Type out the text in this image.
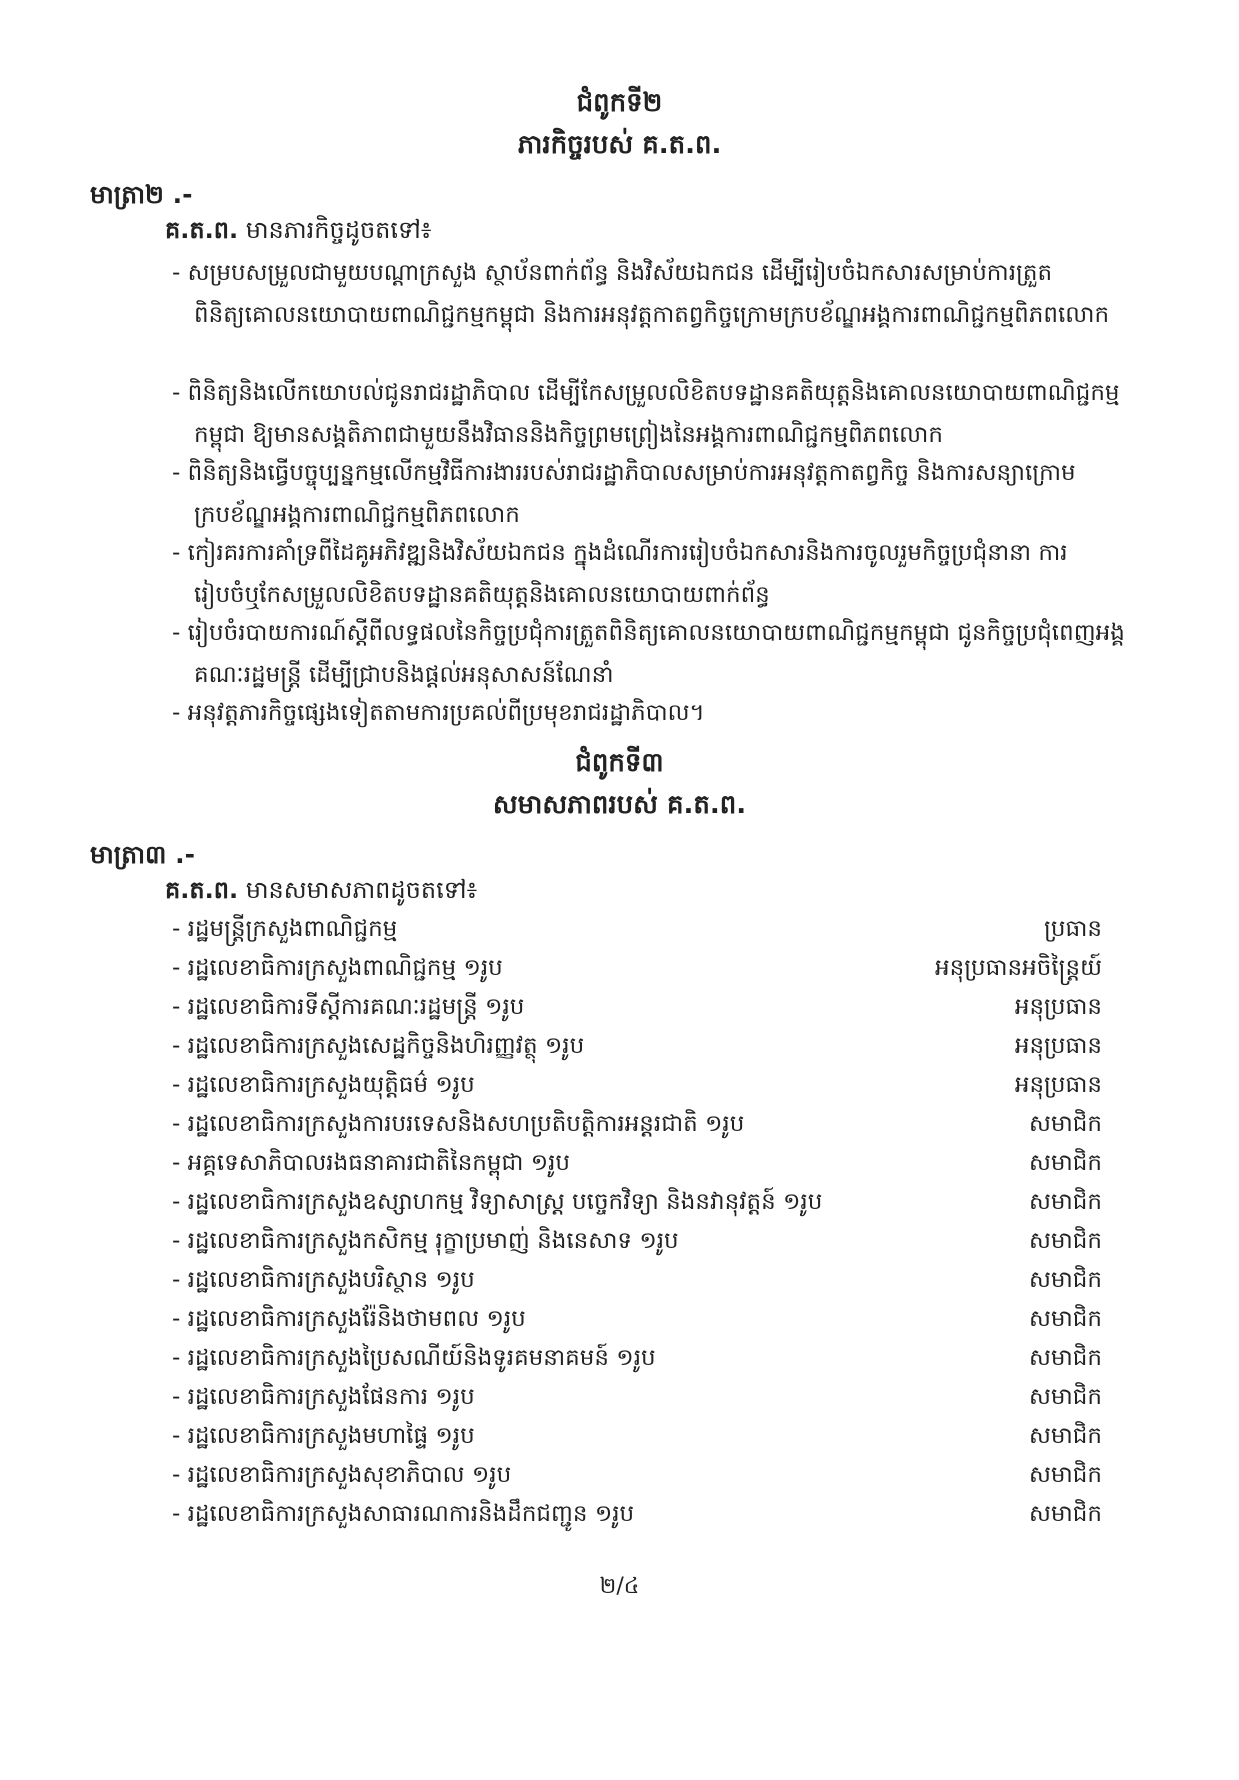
ជំពូកទី២
ភារកិច្ចរបស់ គ.ត.ព.
មាត្រា២ .-
គ.ត.ព. មានភារកិច្ចដូចតទៅ៖
- សម្របសម្រួលជាមួយបណ្តាក្រសួង ស្ថាប័នពាក់ព័ន្ធ និងវិស័យឯកជន ដើម្បីរៀបចំឯកសារសម្រាប់ការត្រួតពិនិត្យគោលនយោបាយពាណិជ្ជកម្មកម្ពុជា និងការអនុវត្តកាតព្វកិច្ចក្រោមក្របខ័ណ្ឌអង្គការពាណិជ្ជកម្មពិភពលោក
- ពិនិត្យនិងលើកយោបល់ជូនរាជរដ្ឋាភិបាល ដើម្បីកែសម្រួលលិខិតបទដ្ឋានគតិយុត្តនិងគោលនយោបាយពាណិជ្ជកម្មកម្ពុជា ឱ្យមានសង្គតិភាពជាមួយនឹងវិធាននិងកិច្ចព្រមព្រៀងនៃអង្គការពាណិជ្ជកម្មពិភពលោក
- ពិនិត្យនិងធ្វើបច្ចុប្បន្នកម្មលើកម្មវិធីការងាររបស់រាជរដ្ឋាភិបាលសម្រាប់ការអនុវត្តកាតព្វកិច្ច និងការសន្យាក្រោមក្របខ័ណ្ឌអង្គការពាណិជ្ជកម្មពិភពលោក
- កៀរគរការគាំទ្រពីដៃគូអភិវឌ្ឍនិងវិស័យឯកជន ក្នុងដំណើរការរៀបចំឯកសារនិងការចូលរួមកិច្ចប្រជុំនានា ការរៀបចំឬកែសម្រួលលិខិតបទដ្ឋានគតិយុត្តនិងគោលនយោបាយពាក់ព័ន្ធ
- រៀបចំរបាយការណ៍ស្តីពីលទ្ធផលនៃកិច្ចប្រជុំការត្រួតពិនិត្យគោលនយោបាយពាណិជ្ជកម្មកម្ពុជា ជូនកិច្ចប្រជុំពេញអង្គគណៈរដ្ឋមន្ត្រី ដើម្បីជ្រាបនិងផ្តល់អនុសាសន៍ណែនាំ
- អនុវត្តភារកិច្ចផ្សេងទៀតតាមការប្រគល់ពីប្រមុខរាជរដ្ឋាភិបាល។
ជំពូកទី៣
សមាសភាពរបស់ គ.ត.ព.
មាត្រា៣ .-
គ.ត.ព. មានសមាសភាពដូចតទៅ៖
- រដ្ឋមន្ត្រីក្រសួងពាណិជ្ជកម្ម	ប្រធាន
- រដ្ឋលេខាធិការក្រសួងពាណិជ្ជកម្ម ១រូប	អនុប្រធានអចិន្ត្រៃយ៍
- រដ្ឋលេខាធិការទីស្តីការគណៈរដ្ឋមន្ត្រី ១រូប	អនុប្រធាន
- រដ្ឋលេខាធិការក្រសួងសេដ្ឋកិច្ចនិងហិរញ្ញវត្ថុ ១រូប	អនុប្រធាន
- រដ្ឋលេខាធិការក្រសួងយុត្តិធម៌ ១រូប	អនុប្រធាន
- រដ្ឋលេខាធិការក្រសួងការបរទេសនិងសហប្រតិបត្តិការអន្តរជាតិ ១រូប	សមាជិក
- អគ្គទេសាភិបាលរងធនាគារជាតិនៃកម្ពុជា ១រូប	សមាជិក
- រដ្ឋលេខាធិការក្រសួងឧស្សាហកម្ម វិទ្យាសាស្ត្រ បច្ចេកវិទ្យា និងនវានុវត្តន៍ ១រូប	សមាជិក
- រដ្ឋលេខាធិការក្រសួងកសិកម្ម រុក្ខាប្រមាញ់ និងនេសាទ ១រូប	សមាជិក
- រដ្ឋលេខាធិការក្រសួងបរិស្ថាន ១រូប	សមាជិក
- រដ្ឋលេខាធិការក្រសួងរ៉ែនិងថាមពល ១រូប	សមាជិក
- រដ្ឋលេខាធិការក្រសួងប្រៃសណីយ៍និងទូរគមនាគមន៍ ១រូប	សមាជិក
- រដ្ឋលេខាធិការក្រសួងផែនការ ១រូប	សមាជិក
- រដ្ឋលេខាធិការក្រសួងមហាផ្ទៃ ១រូប	សមាជិក
- រដ្ឋលេខាធិការក្រសួងសុខាភិបាល ១រូប	សមាជិក
- រដ្ឋលេខាធិការក្រសួងសាធារណការនិងដឹកជញ្ជូន ១រូប	សមាជិក
២/៤
